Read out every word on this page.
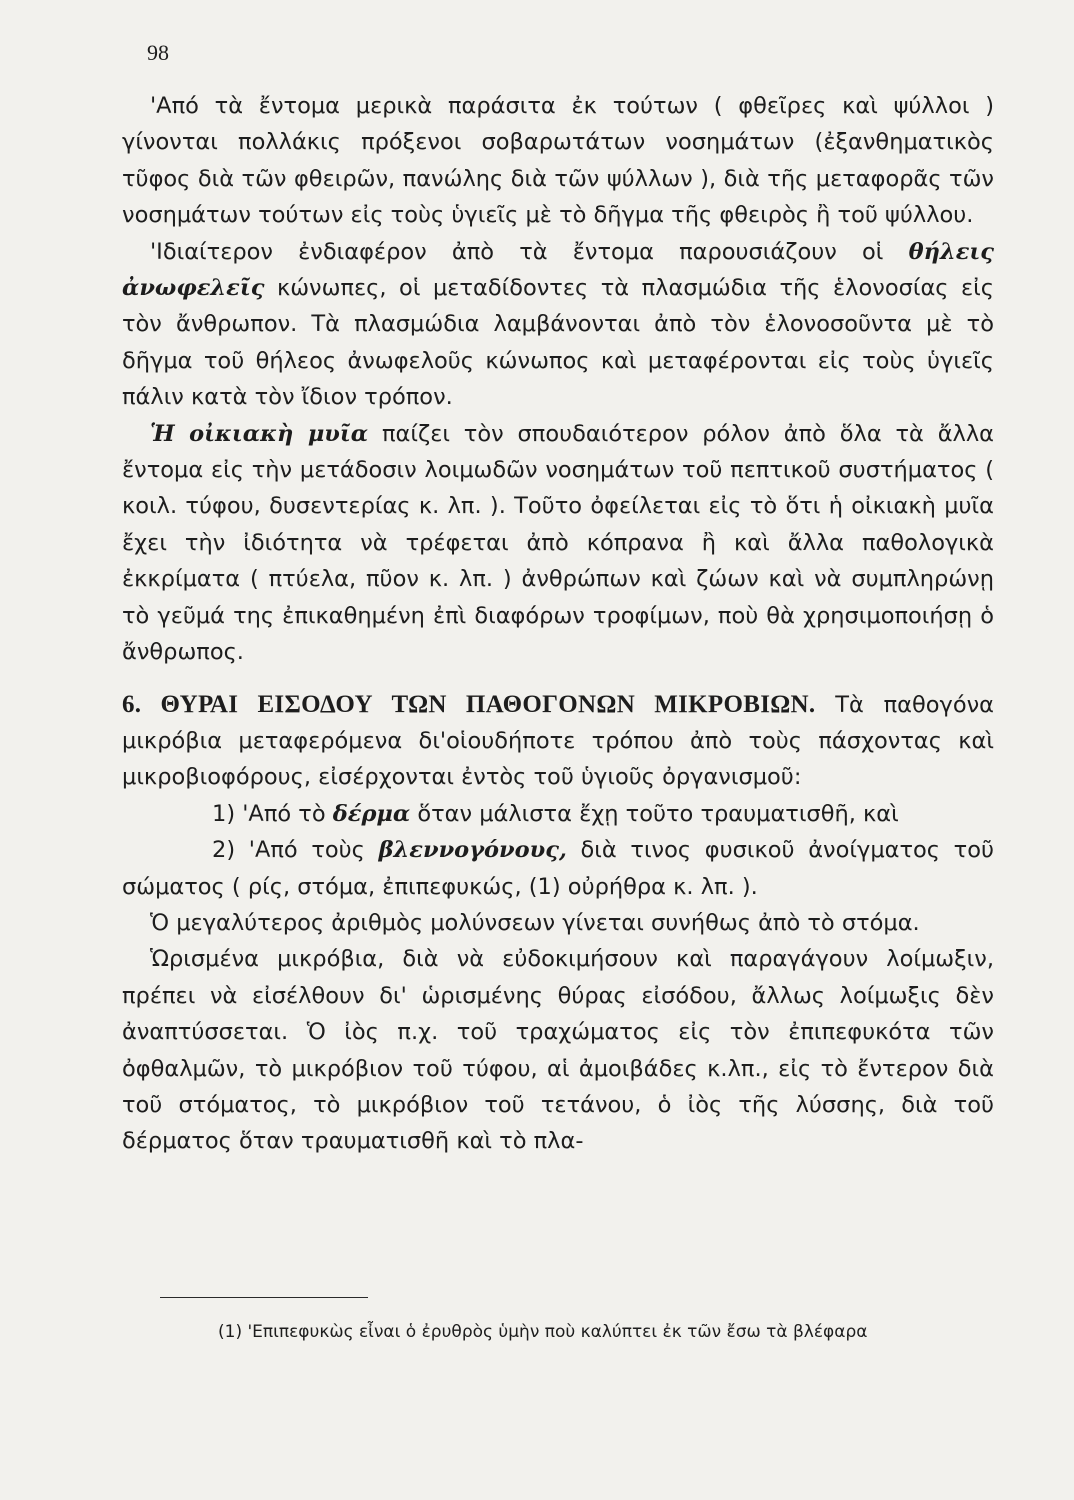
98

'Από τὰ ἔντομα μερικὰ παράσιτα ἐκ τούτων ( φθεῖρες καὶ ψύλλοι ) γίνονται πολλάκις πρόξενοι σοβαρωτάτων νοσημάτων (ἐξανθηματικὸς τῦφος διὰ τῶν φθειρῶν, πανώλης διὰ τῶν ψύλλων ), διὰ τῆς μεταφορᾶς τῶν νοσημάτων τούτων εἰς τοὺς ὑγιεῖς μὲ τὸ δῆγμα τῆς φθειρὸς ἢ τοῦ ψύλλου.

'Ιδιαίτερον ἐνδιαφέρον ἀπὸ τὰ ἔντομα παρουσιάζουν οἱ θήλεις ἀνωφελεῖς κώνωπες, οἱ μεταδίδοντες τὰ πλασμώδια τῆς ἑλονοσίας εἰς τὸν ἄνθρωπον. Τὰ πλασμώδια λαμβάνονται ἀπὸ τὸν ἑλονοσοῦντα μὲ τὸ δῆγμα τοῦ θήλεος ἀνωφελοῦς κώνωπος καὶ μεταφέρονται εἰς τοὺς ὑγιεῖς πάλιν κατὰ τὸν ἴδιον τρόπον.

Ἡ οἰκιακὴ μυῖα παίζει τὸν σπουδαιότερον ρόλον ἀπὸ ὅλα τὰ ἄλλα ἔντομα εἰς τὴν μετάδοσιν λοιμωδῶν νοσημάτων τοῦ πεπτικοῦ συστήματος ( κοιλ. τύφου, δυσεντερίας κ. λπ. ). Τοῦτο ὀφείλεται εἰς τὸ ὅτι ἡ οἰκιακὴ μυῖα ἔχει τὴν ἰδιότητα νὰ τρέφεται ἀπὸ κόπρανα ἢ καὶ ἄλλα παθολογικὰ ἐκκρίματα ( πτύελα, πῦον κ. λπ. ) ἀνθρώπων καὶ ζώων καὶ νὰ συμπληρώνῃ τὸ γεῦμά της ἐπικαθημένη ἐπὶ διαφόρων τροφίμων, ποὺ θὰ χρησιμοποιήσῃ ὁ ἄνθρωπος.

6. ΘΥΡΑΙ ΕΙΣΟΔΟΥ ΤΩΝ ΠΑΘΟΓΟΝΩΝ ΜΙΚΡΟΒΙΩΝ. Τὰ παθογόνα μικρόβια μεταφερόμενα δι'οἱουδήποτε τρόπου ἀπὸ τοὺς πάσχοντας καὶ μικροβιοφόρους, εἰσέρχονται ἐντὸς τοῦ ὑγιοῦς ὀργανισμοῦ:

1) 'Από τὸ δέρμα ὅταν μάλιστα ἔχῃ τοῦτο τραυματισθῆ, καὶ

2) 'Από τοὺς βλεννογόνους, διὰ τινος φυσικοῦ ἀνοίγματος τοῦ σώματος ( ρίς, στόμα, ἐπιπεφυκώς, (1) οὐρήθρα κ. λπ. ).

Ὁ μεγαλύτερος ἀριθμὸς μολύνσεων γίνεται συνήθως ἀπὸ τὸ στόμα.

Ὡρισμένα μικρόβια, διὰ νὰ εὐδοκιμήσουν καὶ παραγάγουν λοίμωξιν, πρέπει νὰ εἰσέλθουν δι' ὡρισμένης θύρας εἰσόδου, ἄλλως λοίμωξις δὲν ἀναπτύσσεται. Ὁ ἰὸς π.χ. τοῦ τραχώματος εἰς τὸν ἐπιπεφυκότα τῶν ὀφθαλμῶν, τὸ μικρόβιον τοῦ τύφου, αἱ ἀμοιβάδες κ.λπ., εἰς τὸ ἔντερον διὰ τοῦ στόματος, τὸ μικρόβιον τοῦ τετάνου, ὁ ἰὸς τῆς λύσσης, διὰ τοῦ δέρματος ὅταν τραυματισθῆ καὶ τὸ πλα-

(1) 'Επιπεφυκὼς εἶναι ὁ ἐρυθρὸς ὑμὴν ποὺ καλύπτει ἐκ τῶν ἔσω τὰ βλέφαρα
